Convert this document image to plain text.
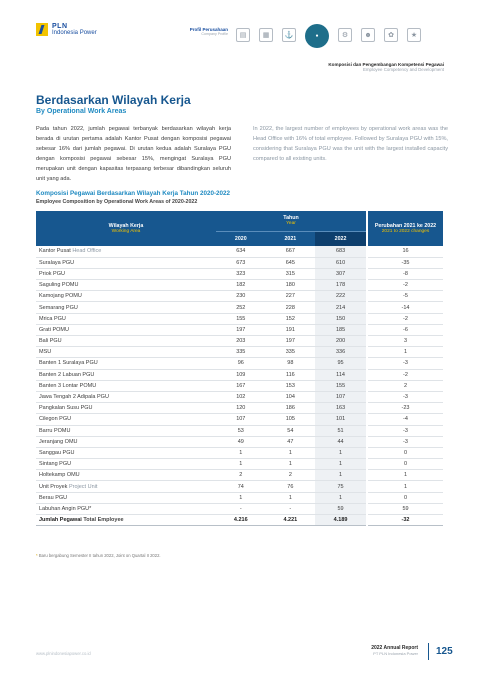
PLN
Indonesia Power
Profil Perusahaan
Company Profile	▤	▦	⚓	●	⚙	☻	✿	★
Komposisi dan Pengembangan Kompetensi Pegawai
Employee Competency and Development
Berdasarkan Wilayah Kerja
By Operational Work Areas

Pada tahun 2022, jumlah pegawai terbanyak berdasarkan wilayah kerja berada di urutan pertama adalah Kantor Pusat dengan komposisi pegawai sebesar 16% dari jumlah pegawai. Di urutan kedua adalah Suralaya PGU dengan komposisi pegawai sebesar 15%, mengingat Suralaya PGU merupakan unit dengan kapasitas terpasang terbesar dibandingkan seluruh unit yang ada.

In 2022, the largest number of employees by operational work areas was the Head Office with 16% of total employee. Followed by Suralaya PGU with 15%, considering that Suralaya PGU was the unit with the largest installed capacity compared to all existing units.

Komposisi Pegawai Berdasarkan Wilayah Kerja Tahun 2020-2022
Employee Composition by Operational Work Areas of 2020-2022
Wilayah Kerja
Working Area	Tahun
Year			Perubahan 2021 ke 2022
2021 to 2022 changes

	2020	2021	2022	
Kantor Pusat Head Office	634	667	683	16
Suralaya PGU	673	645	610	-35
Priok PGU	323	315	307	-8
Saguling POMU	182	180	178	-2
Kamojang POMU	230	227	222	-5
Semarang PGU	252	228	214	-14
Mrica PGU	155	152	150	-2
Grati POMU	197	191	185	-6
Bali PGU	203	197	200	3
MSU	335	335	336	1
Banten 1 Suralaya PGU	96	98	95	-3
Banten 2 Labuan PGU	109	116	114	-2
Banten 3 Lontar POMU	167	153	155	2
Jawa Tengah 2 Adipala PGU	102	104	107	-3
Pangkalan Susu PGU	120	186	163	-23
Cilegon PGU	107	105	101	-4
Barru POMU	53	54	51	-3
Jeranjang OMU	49	47	44	-3
Sanggau PGU	1	1	1	0
Sintang PGU	1	1	1	0
Holtekamp OMU	2	2	1	1
Unit Proyek Project Unit	74	76	75	1
Berau PGU	1	1	1	0
Labuhan Angin PGU*	-	-	59	59
Jumlah Pegawai Total Employee	4.216	4.221	4.189	-32
* Baru bergabung Semester II tahun 2022, Joint on Quartal II 2022.
www.plnindonesiapower.co.id
2022 Annual Report
PT PLN Indonesia Power 125
